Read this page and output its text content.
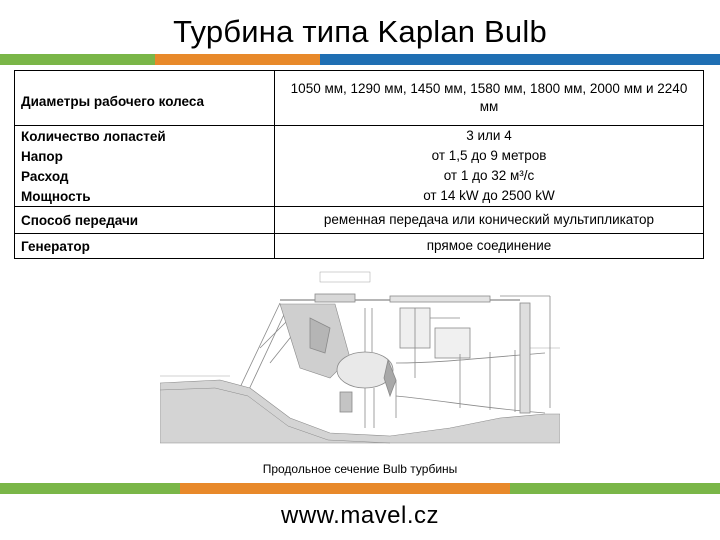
Турбина типа Kaplan Bulb
Диаметры рабочего колеса	1050 мм, 1290 мм, 1450 мм, 1580 мм, 1800 мм, 2000 мм и 2240 мм
Количество лопастей	3 или 4
Напор	от 1,5 до 9 метров
Расход	от 1 до 32 м³/с
Мощность	от 14 kW до 2500 kW
Способ передачи	ременная передача или конический мультипликатор
Генератор	прямое соединение
Продольное сечение Bulb турбины
www.mavel.cz
